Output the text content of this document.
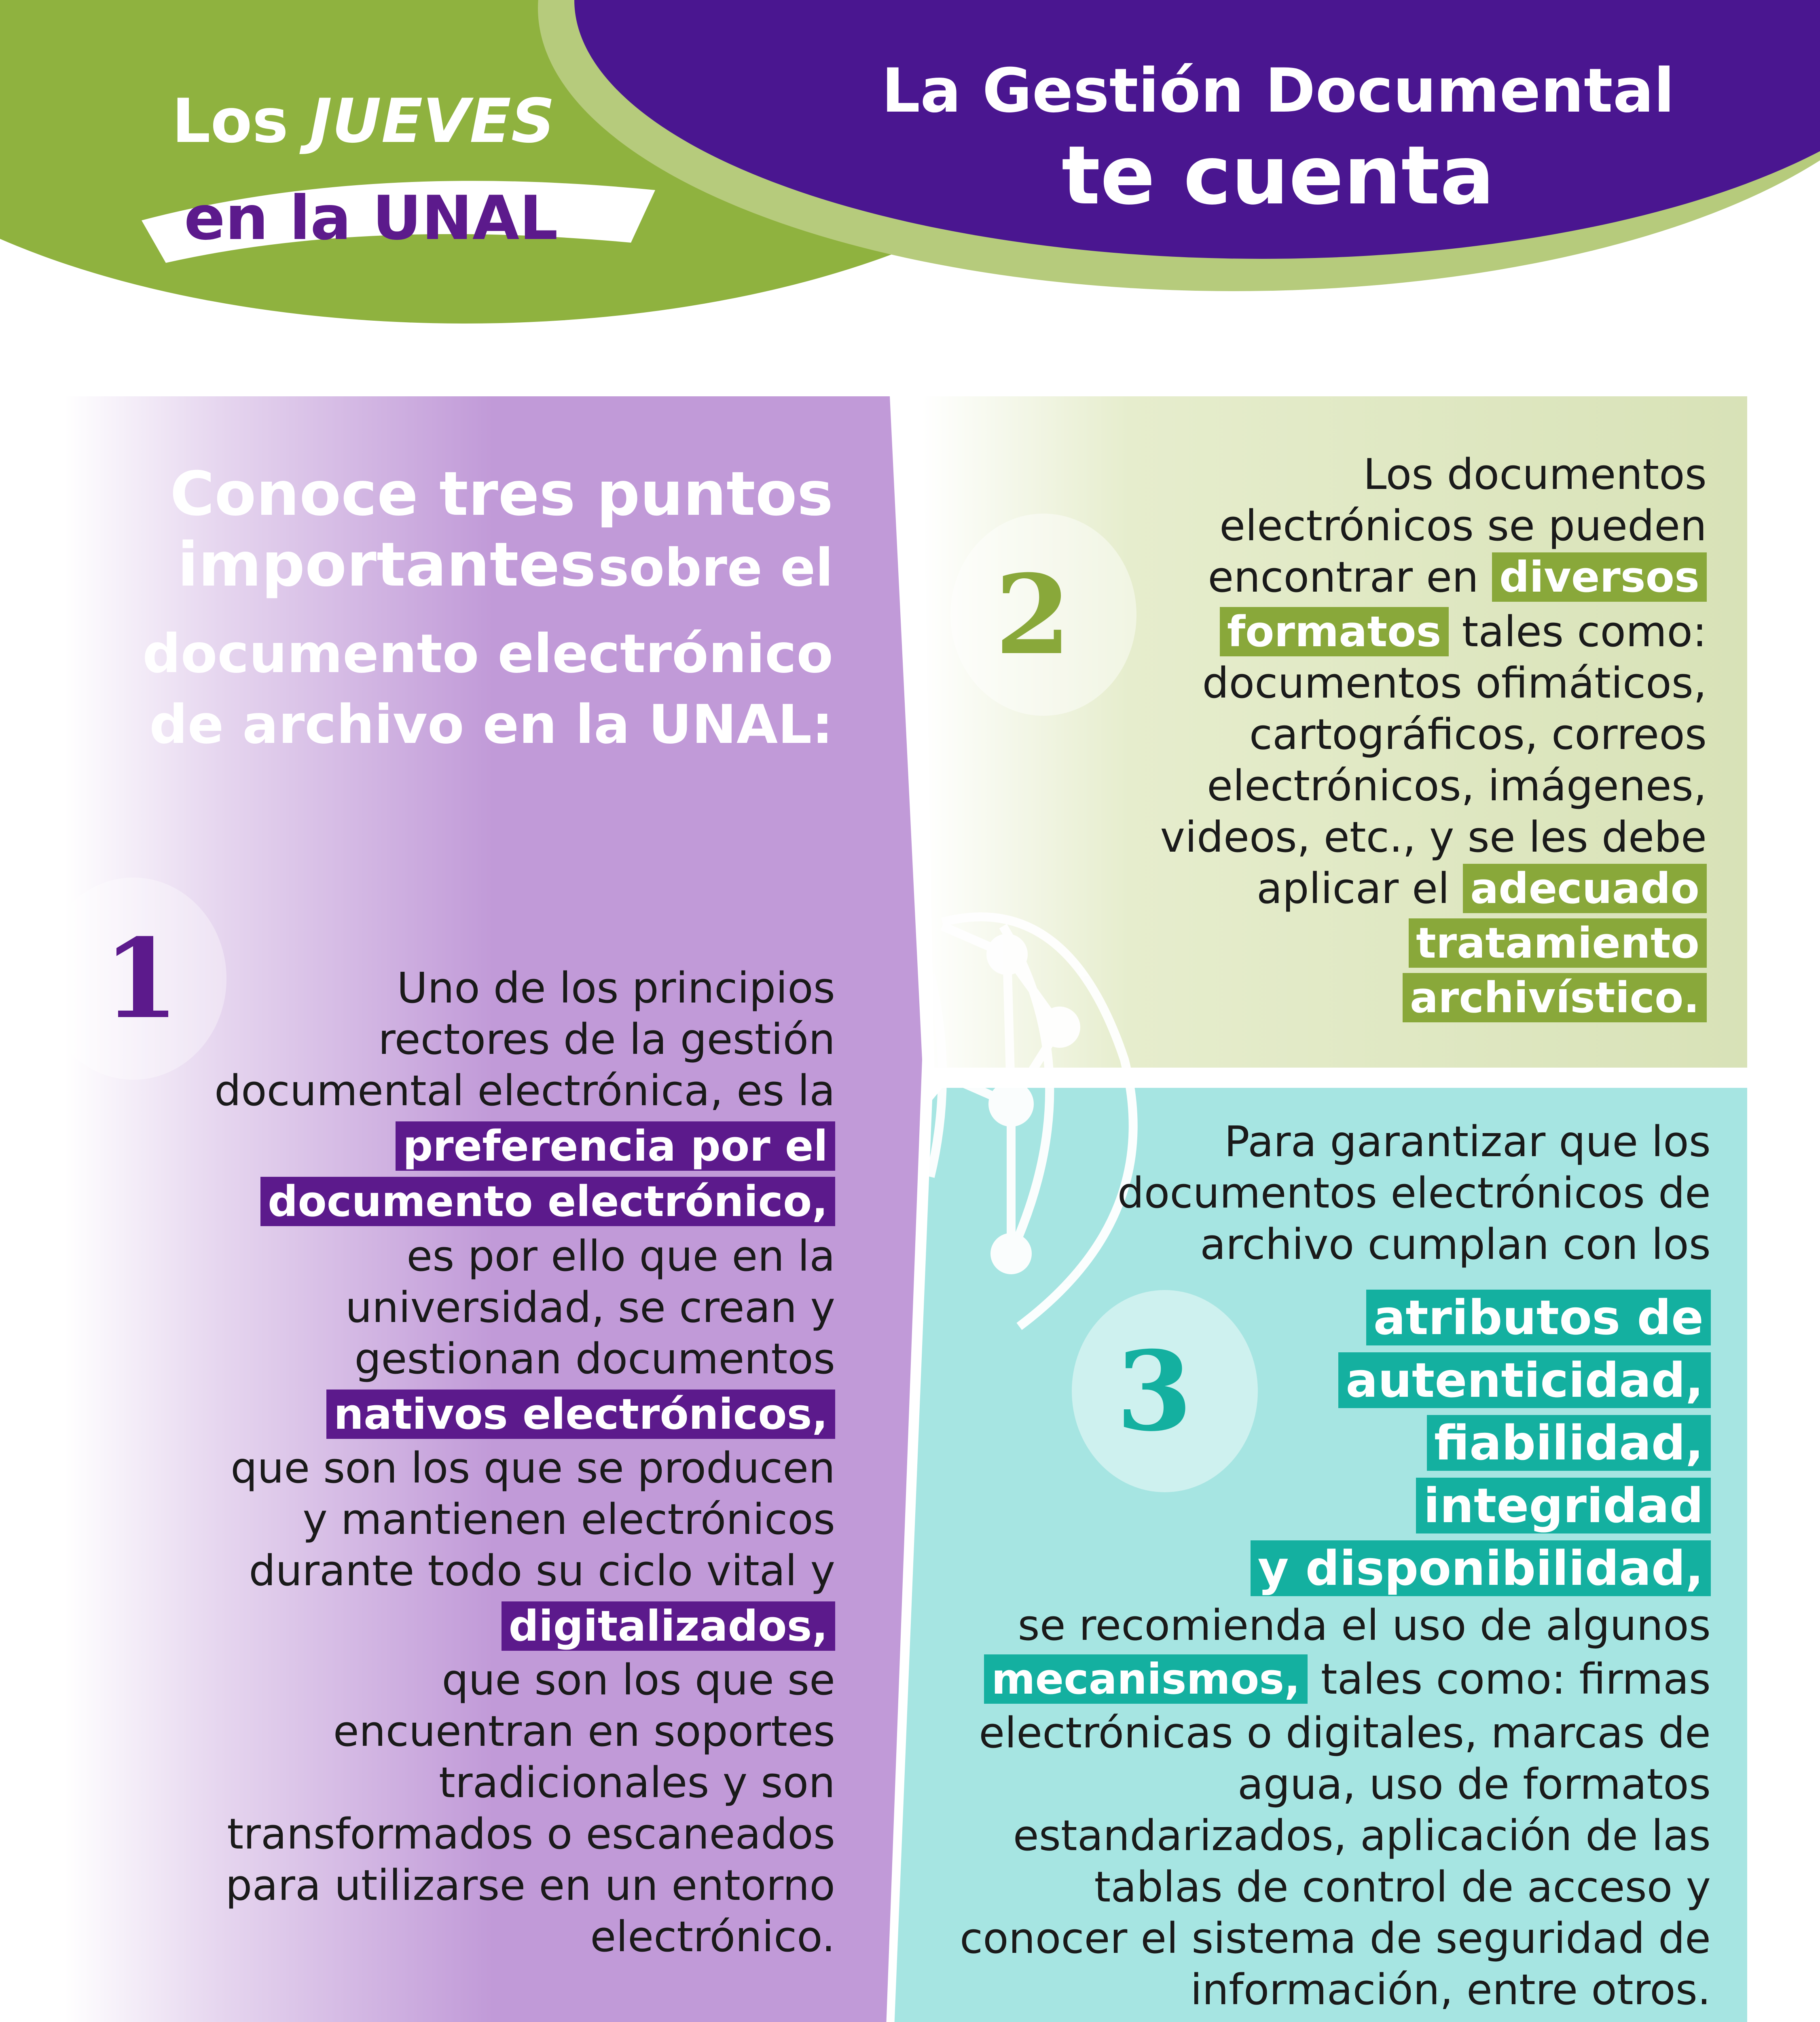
Los JUEVES
en la UNAL
La Gestión Documental
te cuenta
Conoce tres puntos
importantes sobre el
documento electrónico
de archivo en la UNAL:
1	Uno de los principios
rectores de la gestión
documental electrónica, es la
preferencia por el
documento electrónico,
es por ello que en la
universidad, se crean y
gestionan documentos
nativos electrónicos,
que son los que se producen
y mantienen electrónicos
durante todo su ciclo vital y
digitalizados,
que son los que se
encuentran en soportes
tradicionales y son
transformados o escaneados
para utilizarse en un entorno
electrónico.
2
Los documentos
electrónicos se pueden
encontrar en diversos
formatos tales como:
documentos ofimáticos,
cartográficos, correos
electrónicos, imágenes,
videos, etc., y se les debe
aplicar el adecuado
tratamiento
archivístico.
3
Para garantizar que los
documentos electrónicos de
archivo cumplan con los
atributos de
autenticidad,
fiabilidad,
integridad
y disponibilidad,
se recomienda el uso de algunos
mecanismos, tales como: firmas
electrónicas o digitales, marcas de
agua, uso de formatos
estandarizados, aplicación de las
tablas de control de acceso y
conocer el sistema de seguridad de
información, entre otros.
